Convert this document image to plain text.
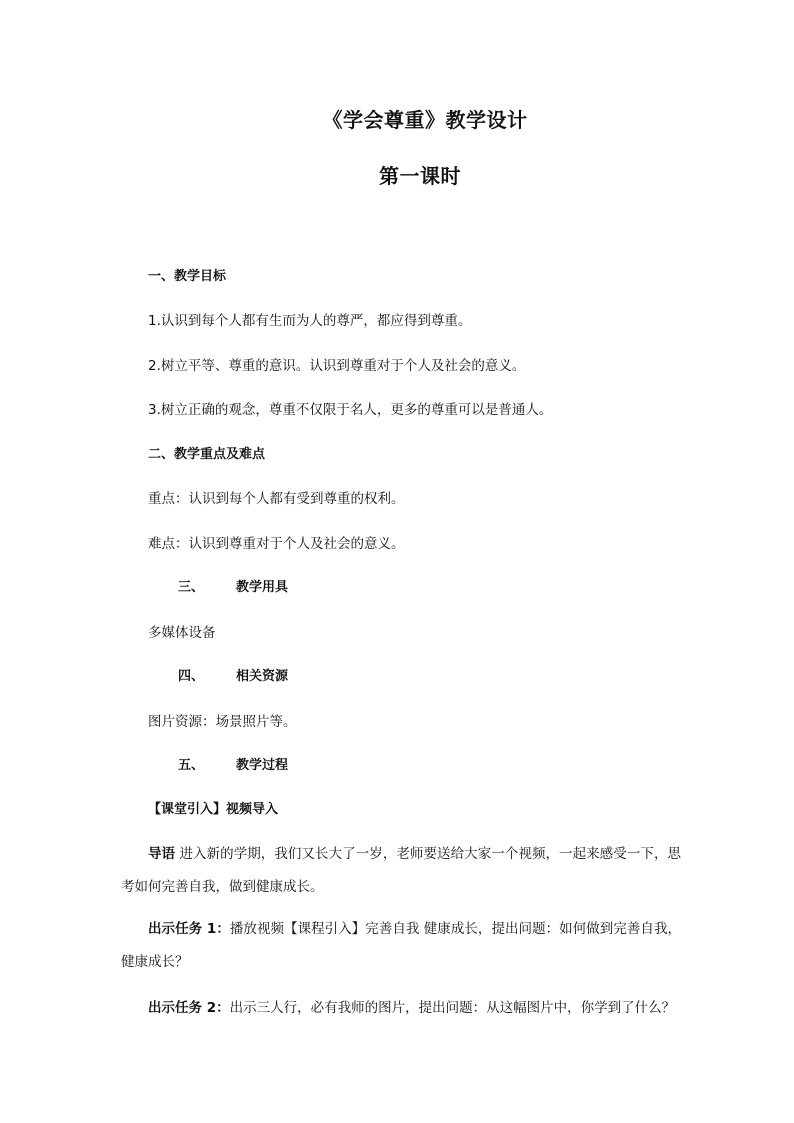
《学会尊重》教学设计
第一课时
一、教学目标
1.认识到每个人都有生而为人的尊严，都应得到尊重。
2.树立平等、尊重的意识。认识到尊重对于个人及社会的意义。
3.树立正确的观念，尊重不仅限于名人，更多的尊重可以是普通人。
二、教学重点及难点
重点：认识到每个人都有受到尊重的权利。
难点：认识到尊重对于个人及社会的意义。
三、 教学用具
多媒体设备
四、 相关资源
图片资源：场景照片等。
五、 教学过程
【课堂引入】视频导入
导语 进入新的学期，我们又长大了一岁，老师要送给大家一个视频，一起来感受一下，思考如何完善自我，做到健康成长。
出示任务 1：播放视频【课程引入】完善自我 健康成长，提出问题：如何做到完善自我，健康成长？
出示任务 2：出示三人行，必有我师的图片，提出问题：从这幅图片中，你学到了什么？
